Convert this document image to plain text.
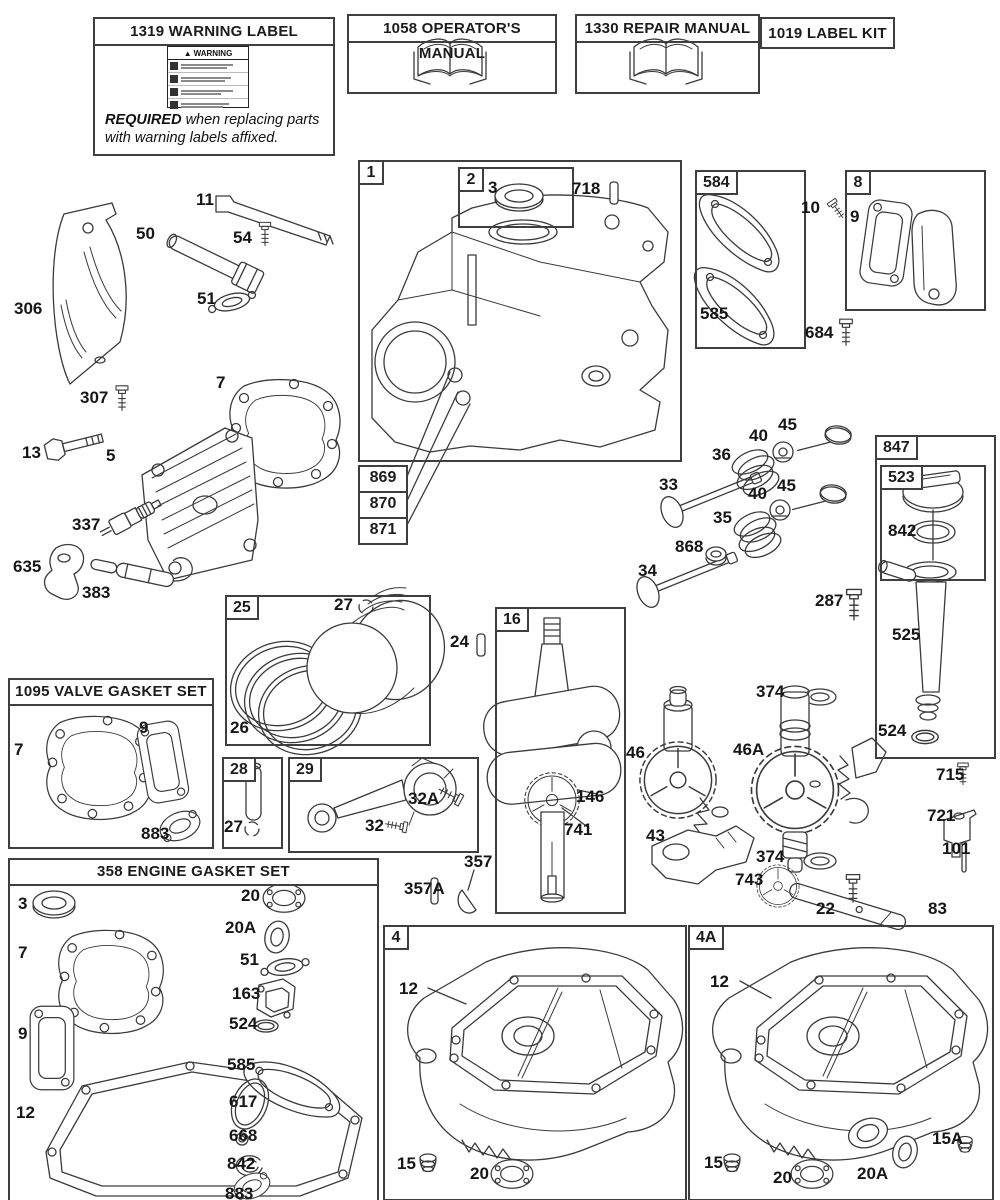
1319 WARNING LABEL
▲ WARNING
REQUIRED when replacing parts
with warning labels affixed.
1058 OPERATOR'S MANUAL
1330 REPAIR MANUAL	1019 LABEL KIT
1	2	584	8
847
523
25
16
28	29
1095 VALVE GASKET SET
358 ENGINE GASKET SET
4	4A
869
870
871
11
50	54
51
306
307
7
13	5
337
635
383
3	718
10 9
585
684
36
40
45
33	40 45
35
868
34
287
842
525
524
24
27
26
146
741
27
32A
32
357
357A
374
46	46A
43
374
715
721
101
743
83
22
7
9
883
3
7
9
12
20
20A
51
163
524
585
617
668
842
883
12
15
20
12
15
20	20A
15A
